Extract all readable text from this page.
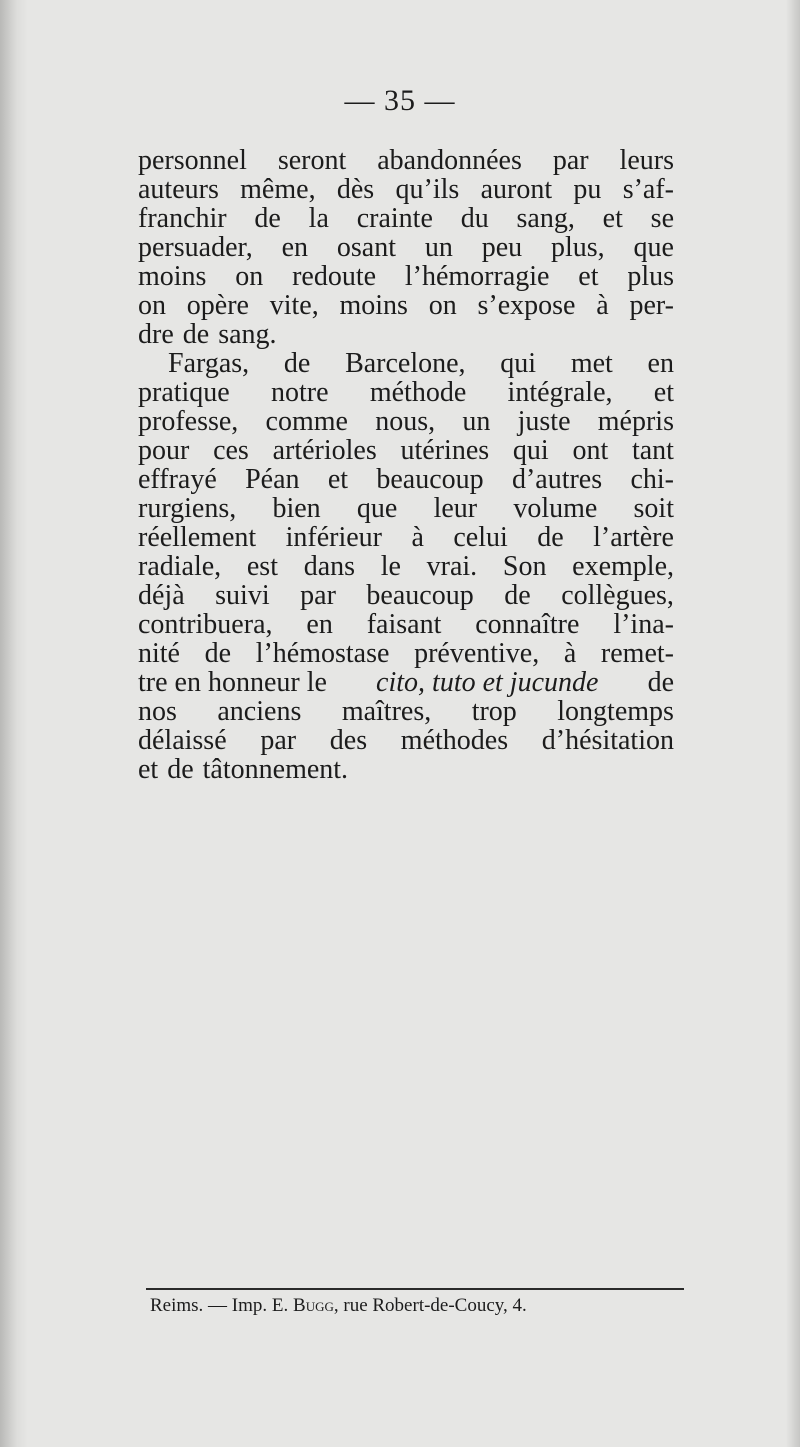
— 35 —
personnel seront abandonnées par leurs
auteurs même, dès qu’ils auront pu s’af-
franchir de la crainte du sang, et se
persuader, en osant un peu plus, que
moins on redoute l’hémorragie et plus
on opère vite, moins on s’expose à per-
dre de sang.
Fargas, de Barcelone, qui met en
pratique notre méthode intégrale, et
professe, comme nous, un juste mépris
pour ces artérioles utérines qui ont tant
effrayé Péan et beaucoup d’autres chi-
rurgiens, bien que leur volume soit
réellement inférieur à celui de l’artère
radiale, est dans le vrai. Son exemple,
déjà suivi par beaucoup de collègues,
contribuera, en faisant connaître l’ina-
nité de l’hémostase préventive, à remet-
tre en honneur le cito, tuto et jucunde de
nos anciens maîtres, trop longtemps
délaissé par des méthodes d’hésitation
et de tâtonnement.
Reims. — Imp. E. Bugg, rue Robert-de-Coucy, 4.
